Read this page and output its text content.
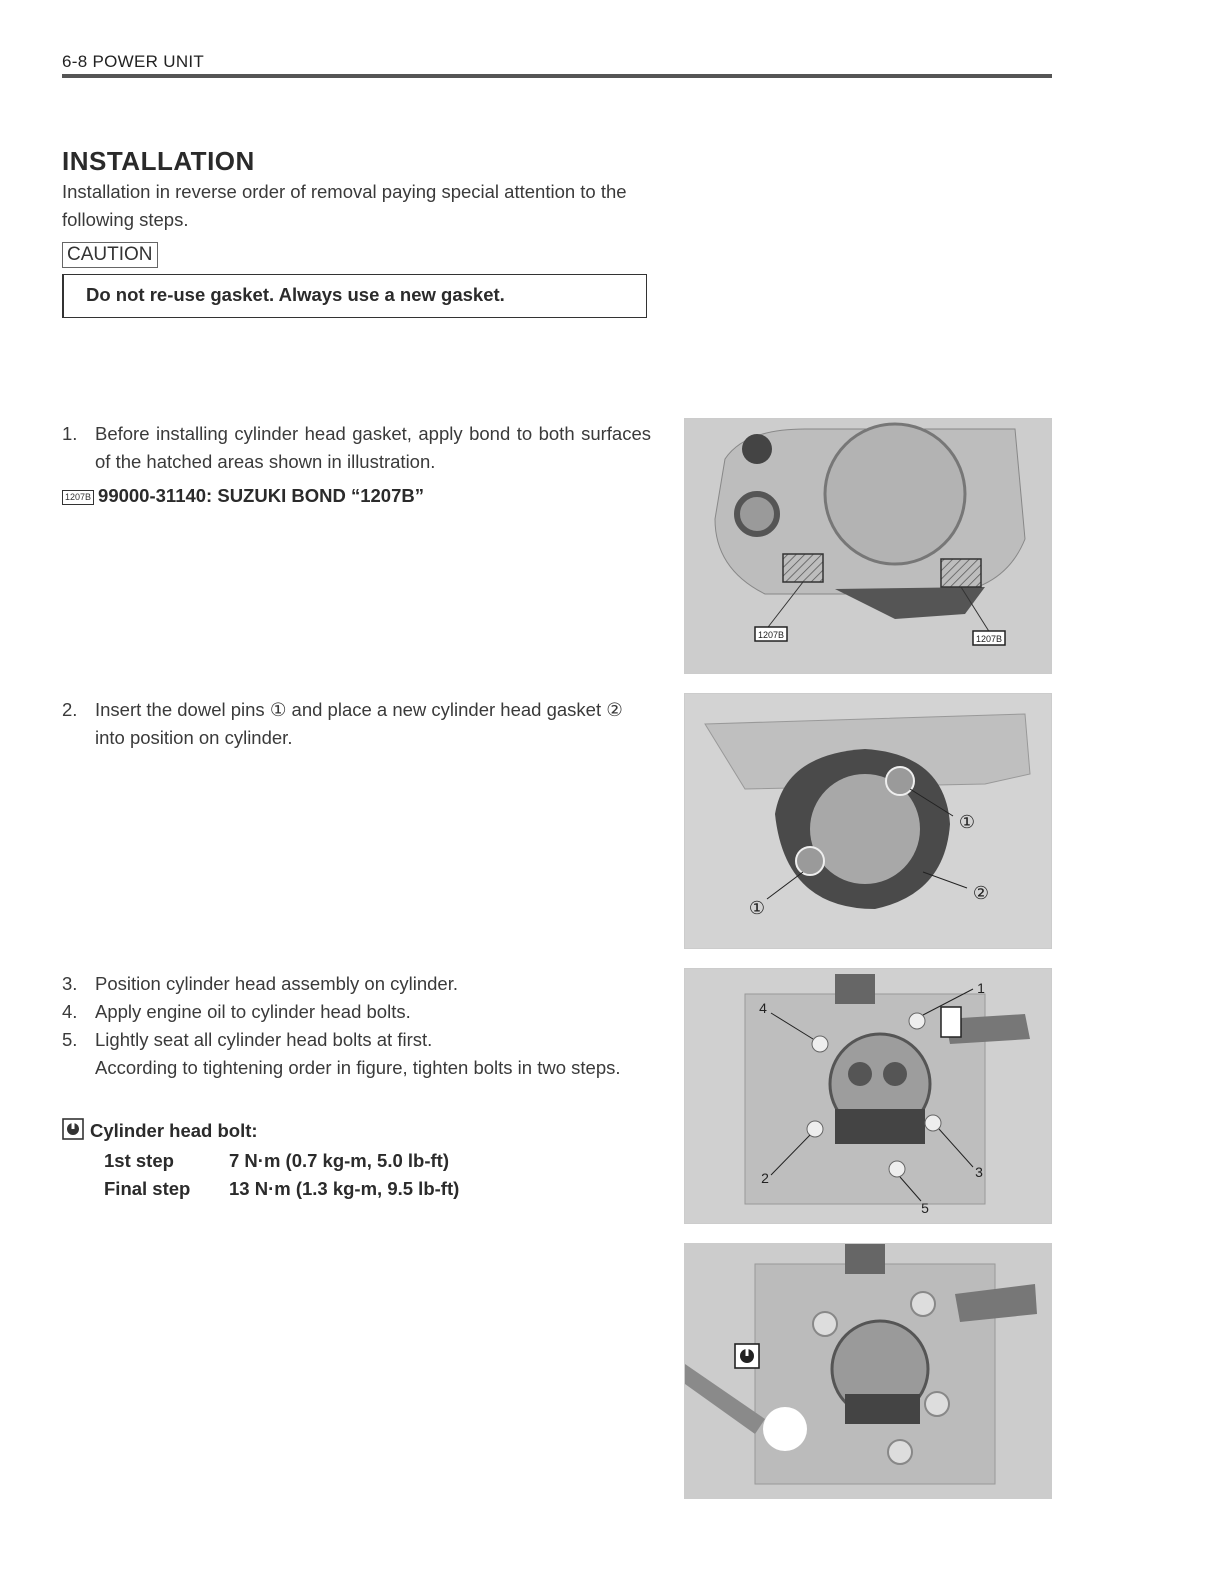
6-8 POWER UNIT
INSTALLATION
Installation in reverse order of removal paying special attention to the following steps.
CAUTION
Do not re-use gasket. Always use a new gasket.
1. Before installing cylinder head gasket, apply bond to both surfaces of the hatched areas shown in illustration.
1207B 99000-31140: SUZUKI BOND “1207B”
2. Insert the dowel pins ① and place a new cylinder head gasket ② into position on cylinder.
3. Position cylinder head assembly on cylinder.
4. Apply engine oil to cylinder head bolts.
5. Lightly seat all cylinder head bolts at first.
According to tightening order in figure, tighten bolts in two steps.
Cylinder head bolt:
1st step	7 N·m (0.7 kg-m, 5.0 lb-ft)
Final step	13 N·m (1.3 kg-m, 9.5 lb-ft)
1207B	1207B
①
①
②
1
2	3
4
5
